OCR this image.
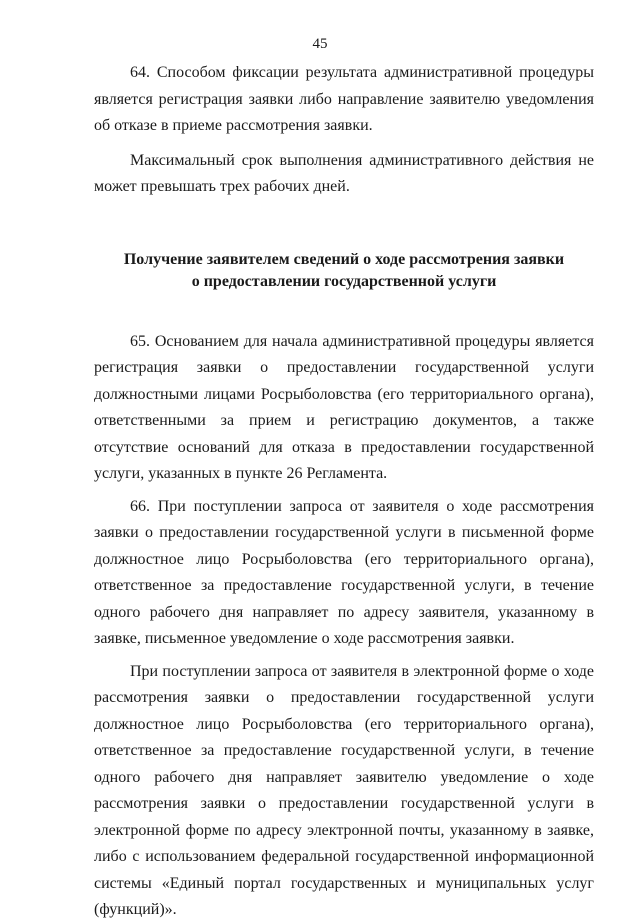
45

64. Способом фиксации результата административной процедуры является регистрация заявки либо направление заявителю уведомления об отказе в приеме рассмотрения заявки.

Максимальный срок выполнения административного действия не может превышать трех рабочих дней.

Получение заявителем сведений о ходе рассмотрения заявки
о предоставлении государственной услуги

65. Основанием для начала административной процедуры является регистрация заявки о предоставлении государственной услуги должностными лицами Росрыболовства (его территориального органа), ответственными за прием и регистрацию документов, а также отсутствие оснований для отказа в предоставлении государственной услуги, указанных в пункте 26 Регламента.

66. При поступлении запроса от заявителя о ходе рассмотрения заявки о предоставлении государственной услуги в письменной форме должностное лицо Росрыболовства (его территориального органа), ответственное за предоставление государственной услуги, в течение одного рабочего дня направляет по адресу заявителя, указанному в заявке, письменное уведомление о ходе рассмотрения заявки.

При поступлении запроса от заявителя в электронной форме о ходе рассмотрения заявки о предоставлении государственной услуги должностное лицо Росрыболовства (его территориального органа), ответственное за предоставление государственной услуги, в течение одного рабочего дня направляет заявителю уведомление о ходе рассмотрения заявки о предоставлении государственной услуги в электронной форме по адресу электронной почты, указанному в заявке, либо с использованием федеральной государственной информационной системы «Единый портал государственных и муниципальных услуг (функций)».
